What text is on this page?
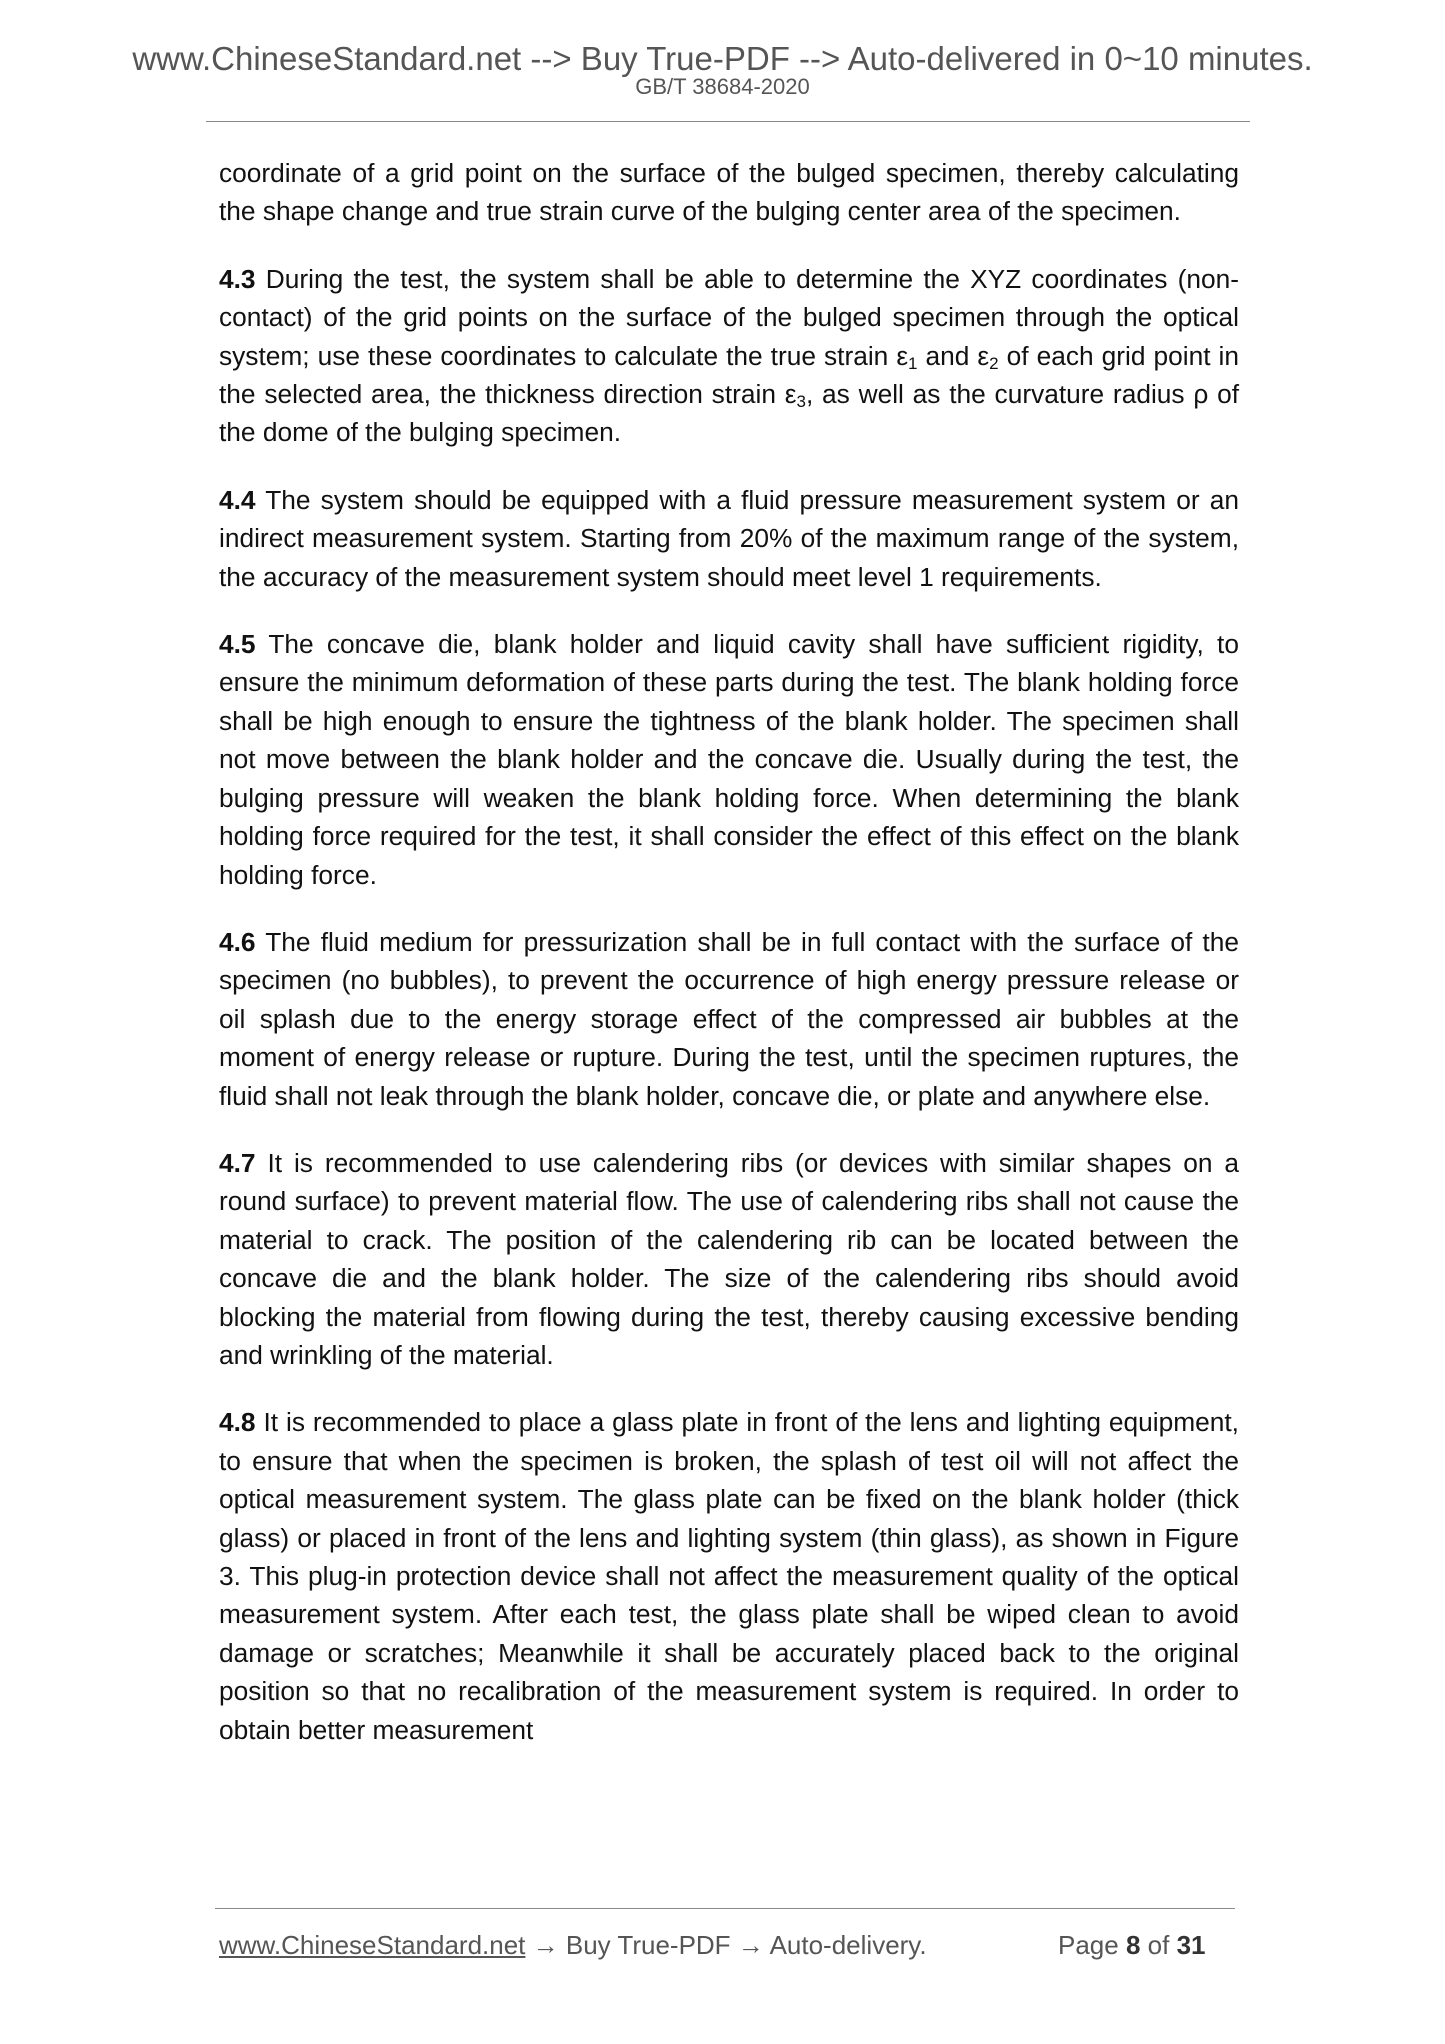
www.ChineseStandard.net --> Buy True-PDF --> Auto-delivered in 0~10 minutes.
GB/T 38684-2020

coordinate of a grid point on the surface of the bulged specimen, thereby calculating the shape change and true strain curve of the bulging center area of the specimen.

4.3 During the test, the system shall be able to determine the XYZ coordinates (non-contact) of the grid points on the surface of the bulged specimen through the optical system; use these coordinates to calculate the true strain $\varepsilon_1$ and $\varepsilon_2$ of each grid point in the selected area, the thickness direction strain $\varepsilon_3$, as well as the curvature radius ρ of the dome of the bulging specimen.

4.4 The system should be equipped with a fluid pressure measurement system or an indirect measurement system. Starting from 20% of the maximum range of the system, the accuracy of the measurement system should meet level 1 requirements.

4.5 The concave die, blank holder and liquid cavity shall have sufficient rigidity, to ensure the minimum deformation of these parts during the test. The blank holding force shall be high enough to ensure the tightness of the blank holder. The specimen shall not move between the blank holder and the concave die. Usually during the test, the bulging pressure will weaken the blank holding force. When determining the blank holding force required for the test, it shall consider the effect of this effect on the blank holding force.

4.6 The fluid medium for pressurization shall be in full contact with the surface of the specimen (no bubbles), to prevent the occurrence of high energy pressure release or oil splash due to the energy storage effect of the compressed air bubbles at the moment of energy release or rupture. During the test, until the specimen ruptures, the fluid shall not leak through the blank holder, concave die, or plate and anywhere else.

4.7 It is recommended to use calendering ribs (or devices with similar shapes on a round surface) to prevent material flow. The use of calendering ribs shall not cause the material to crack. The position of the calendering rib can be located between the concave die and the blank holder. The size of the calendering ribs should avoid blocking the material from flowing during the test, thereby causing excessive bending and wrinkling of the material.

4.8 It is recommended to place a glass plate in front of the lens and lighting equipment, to ensure that when the specimen is broken, the splash of test oil will not affect the optical measurement system. The glass plate can be fixed on the blank holder (thick glass) or placed in front of the lens and lighting system (thin glass), as shown in Figure 3. This plug-in protection device shall not affect the measurement quality of the optical measurement system. After each test, the glass plate shall be wiped clean to avoid damage or scratches; Meanwhile it shall be accurately placed back to the original position so that no recalibration of the measurement system is required. In order to obtain better measurement

www.ChineseStandard.net → Buy True-PDF → Auto-delivery.	Page 8 of 31
